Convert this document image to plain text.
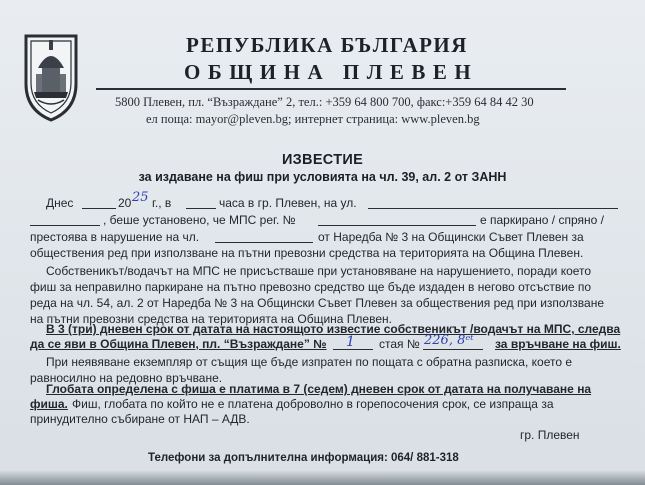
РЕПУБЛИКА БЪЛГАРИЯ
ОБЩИНА ПЛЕВЕН
5800 Плевен, пл. “Възраждане” 2, тел.: +359 64 800 700, факс:+359 64 84 42 30
ел поща: mayor@pleven.bg; интернет страница: www.pleven.bg
ИЗВЕСТИЕ
за издаване на фиш при условията на чл. 39, ал. 2 от ЗАНН
Днес	20 25 г., в	часа в гр. Плевен, на ул.
, беше установено, че МПС рег. №	е паркирано / спряно /
престоява в нарушение на чл.	от Наредба № 3 на Общински Съвет Плевен за
обществения ред при използване на пътни превозни средства на територията на Община Плевен.
Собственикът/водачът на МПС не присъстваше при установяване на нарушението, поради което
фиш за неправилно паркиране на пътно превозно средство ще бъде издаден в негово отсъствие по
реда на чл. 54, ал. 2 от Наредба № 3 на Общински Съвет Плевен за обществения ред при използване
на пътни превозни средства на територията на Община Плевен.
В 3 (три) дневен срок от датата на настоящото известие собственикът /водачът на МПС, следва
да се яви в Община Плевен, пл. “Възраждане” № 1 стая № 226, 8ᵉᵗ за връчване на фиш.
При неявяване екземпляр от същия ще бъде изпратен по пощата с обратна разписка, което е
равносилно на редовно връчване.
Глобата определена с фиша е платима в 7 (седем) дневен срок от датата на получаване на
фиша. Фиш, глобата по който не е платена доброволно в горепосочения срок, се изпраща за
принудително събиране от НАП – АДВ.
гр. Плевен
Телефони за допълнителна информация: 064/ 881-318
